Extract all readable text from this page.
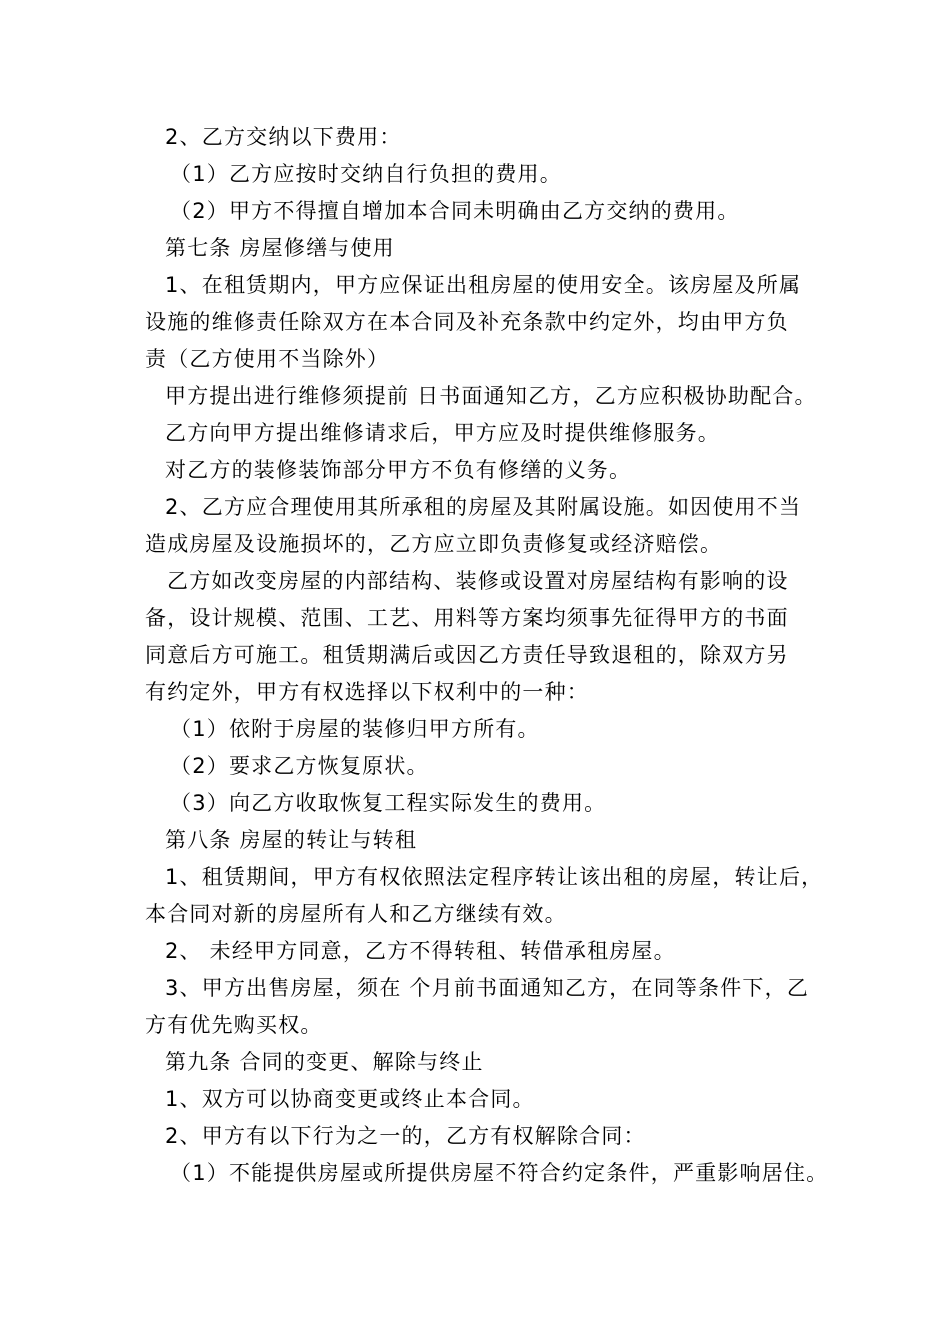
2、乙方交纳以下费用：
（1）乙方应按时交纳自行负担的费用。
（2）甲方不得擅自增加本合同未明确由乙方交纳的费用。
第七条 房屋修缮与使用
1、在租赁期内，甲方应保证出租房屋的使用安全。该房屋及所属
设施的维修责任除双方在本合同及补充条款中约定外，均由甲方负
责（乙方使用不当除外）
甲方提出进行维修须提前 日书面通知乙方，乙方应积极协助配合。
乙方向甲方提出维修请求后，甲方应及时提供维修服务。
对乙方的装修装饰部分甲方不负有修缮的义务。
2、乙方应合理使用其所承租的房屋及其附属设施。如因使用不当
造成房屋及设施损坏的，乙方应立即负责修复或经济赔偿。
乙方如改变房屋的内部结构、装修或设置对房屋结构有影响的设
备，设计规模、范围、工艺、用料等方案均须事先征得甲方的书面
同意后方可施工。租赁期满后或因乙方责任导致退租的，除双方另
有约定外，甲方有权选择以下权利中的一种：
（1）依附于房屋的装修归甲方所有。
（2）要求乙方恢复原状。
（3）向乙方收取恢复工程实际发生的费用。
第八条 房屋的转让与转租
1、租赁期间，甲方有权依照法定程序转让该出租的房屋，转让后，
本合同对新的房屋所有人和乙方继续有效。
2、 未经甲方同意，乙方不得转租、转借承租房屋。
3、甲方出售房屋，须在 个月前书面通知乙方，在同等条件下，乙
方有优先购买权。
第九条 合同的变更、解除与终止
1、双方可以协商变更或终止本合同。
2、甲方有以下行为之一的，乙方有权解除合同：
（1）不能提供房屋或所提供房屋不符合约定条件，严重影响居住。
